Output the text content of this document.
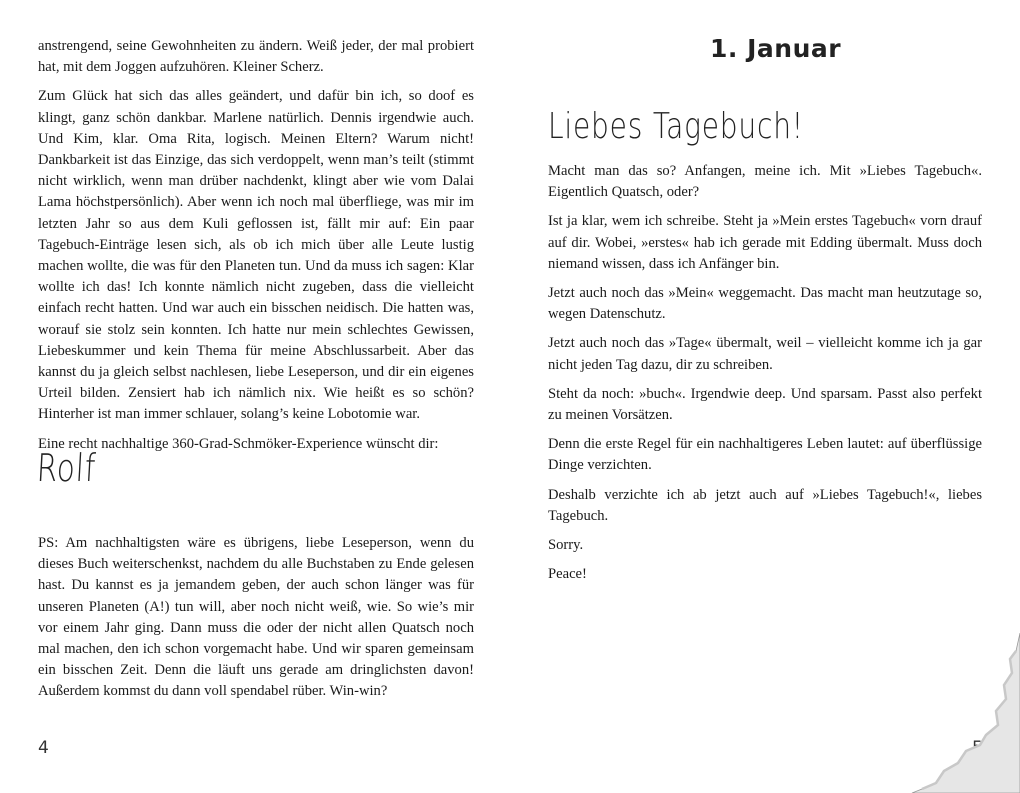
anstrengend, seine Gewohnheiten zu ändern. Weiß jeder, der mal probiert hat, mit dem Joggen aufzuhören. Kleiner Scherz.

Zum Glück hat sich das alles geändert, und dafür bin ich, so doof es klingt, ganz schön dankbar. Marlene natürlich. Dennis irgendwie auch. Und Kim, klar. Oma Rita, logisch. Meinen Eltern? Warum nicht! Dankbarkeit ist das Einzige, das sich verdoppelt, wenn man’s teilt (stimmt nicht wirklich, wenn man drüber nachdenkt, klingt aber wie vom Dalai Lama höchstpersönlich). Aber wenn ich noch mal überfliege, was mir im letzten Jahr so aus dem Kuli geflossen ist, fällt mir auf: Ein paar Tagebuch-Einträge lesen sich, als ob ich mich über alle Leute lustig machen wollte, die was für den Planeten tun. Und da muss ich sagen: Klar wollte ich das! Ich konnte nämlich nicht zugeben, dass die vielleicht einfach recht hatten. Und war auch ein bisschen neidisch. Die hatten was, worauf sie stolz sein konnten. Ich hatte nur mein schlechtes Gewissen, Liebeskummer und kein Thema für meine Abschlussarbeit. Aber das kannst du ja gleich selbst nachlesen, liebe Leseperson, und dir ein eigenes Urteil bilden. Zensiert hab ich nämlich nix. Wie heißt es so schön? Hinterher ist man immer schlauer, solang’s keine Lobotomie war.

Eine recht nachhaltige 360-Grad-Schmöker-Experience wünscht dir:

Rolf

PS: Am nachhaltigsten wäre es übrigens, liebe Leseperson, wenn du dieses Buch weiterschenkst, nachdem du alle Buchstaben zu Ende gelesen hast. Du kannst es ja jemandem geben, der auch schon länger was für unseren Planeten (A!) tun will, aber noch nicht weiß, wie. So wie’s mir vor einem Jahr ging. Dann muss die oder der nicht allen Quatsch noch mal machen, den ich schon vorgemacht habe. Und wir sparen gemeinsam ein bisschen Zeit. Denn die läuft uns gerade am dringlichsten davon! Außerdem kommst du dann voll spendabel rüber. Win-win?

4
1. Januar
Liebes Tagebuch!

Macht man das so? Anfangen, meine ich. Mit »Liebes Tagebuch«. Eigentlich Quatsch, oder?

Ist ja klar, wem ich schreibe. Steht ja »Mein erstes Tagebuch« vorn drauf auf dir. Wobei, »erstes« hab ich gerade mit Edding übermalt. Muss doch niemand wissen, dass ich Anfänger bin.

Jetzt auch noch das »Mein« weggemacht. Das macht man heutzutage so, wegen Datenschutz.

Jetzt auch noch das »Tage« übermalt, weil – vielleicht komme ich ja gar nicht jeden Tag dazu, dir zu schreiben.

Steht da noch: »buch«. Irgendwie deep. Und sparsam. Passt also perfekt zu meinen Vorsätzen.

Denn die erste Regel für ein nachhaltigeres Leben lautet: auf überflüssige Dinge verzichten.

Deshalb verzichte ich ab jetzt auch auf »Liebes Tagebuch!«, liebes Tagebuch.

Sorry.

Peace!
